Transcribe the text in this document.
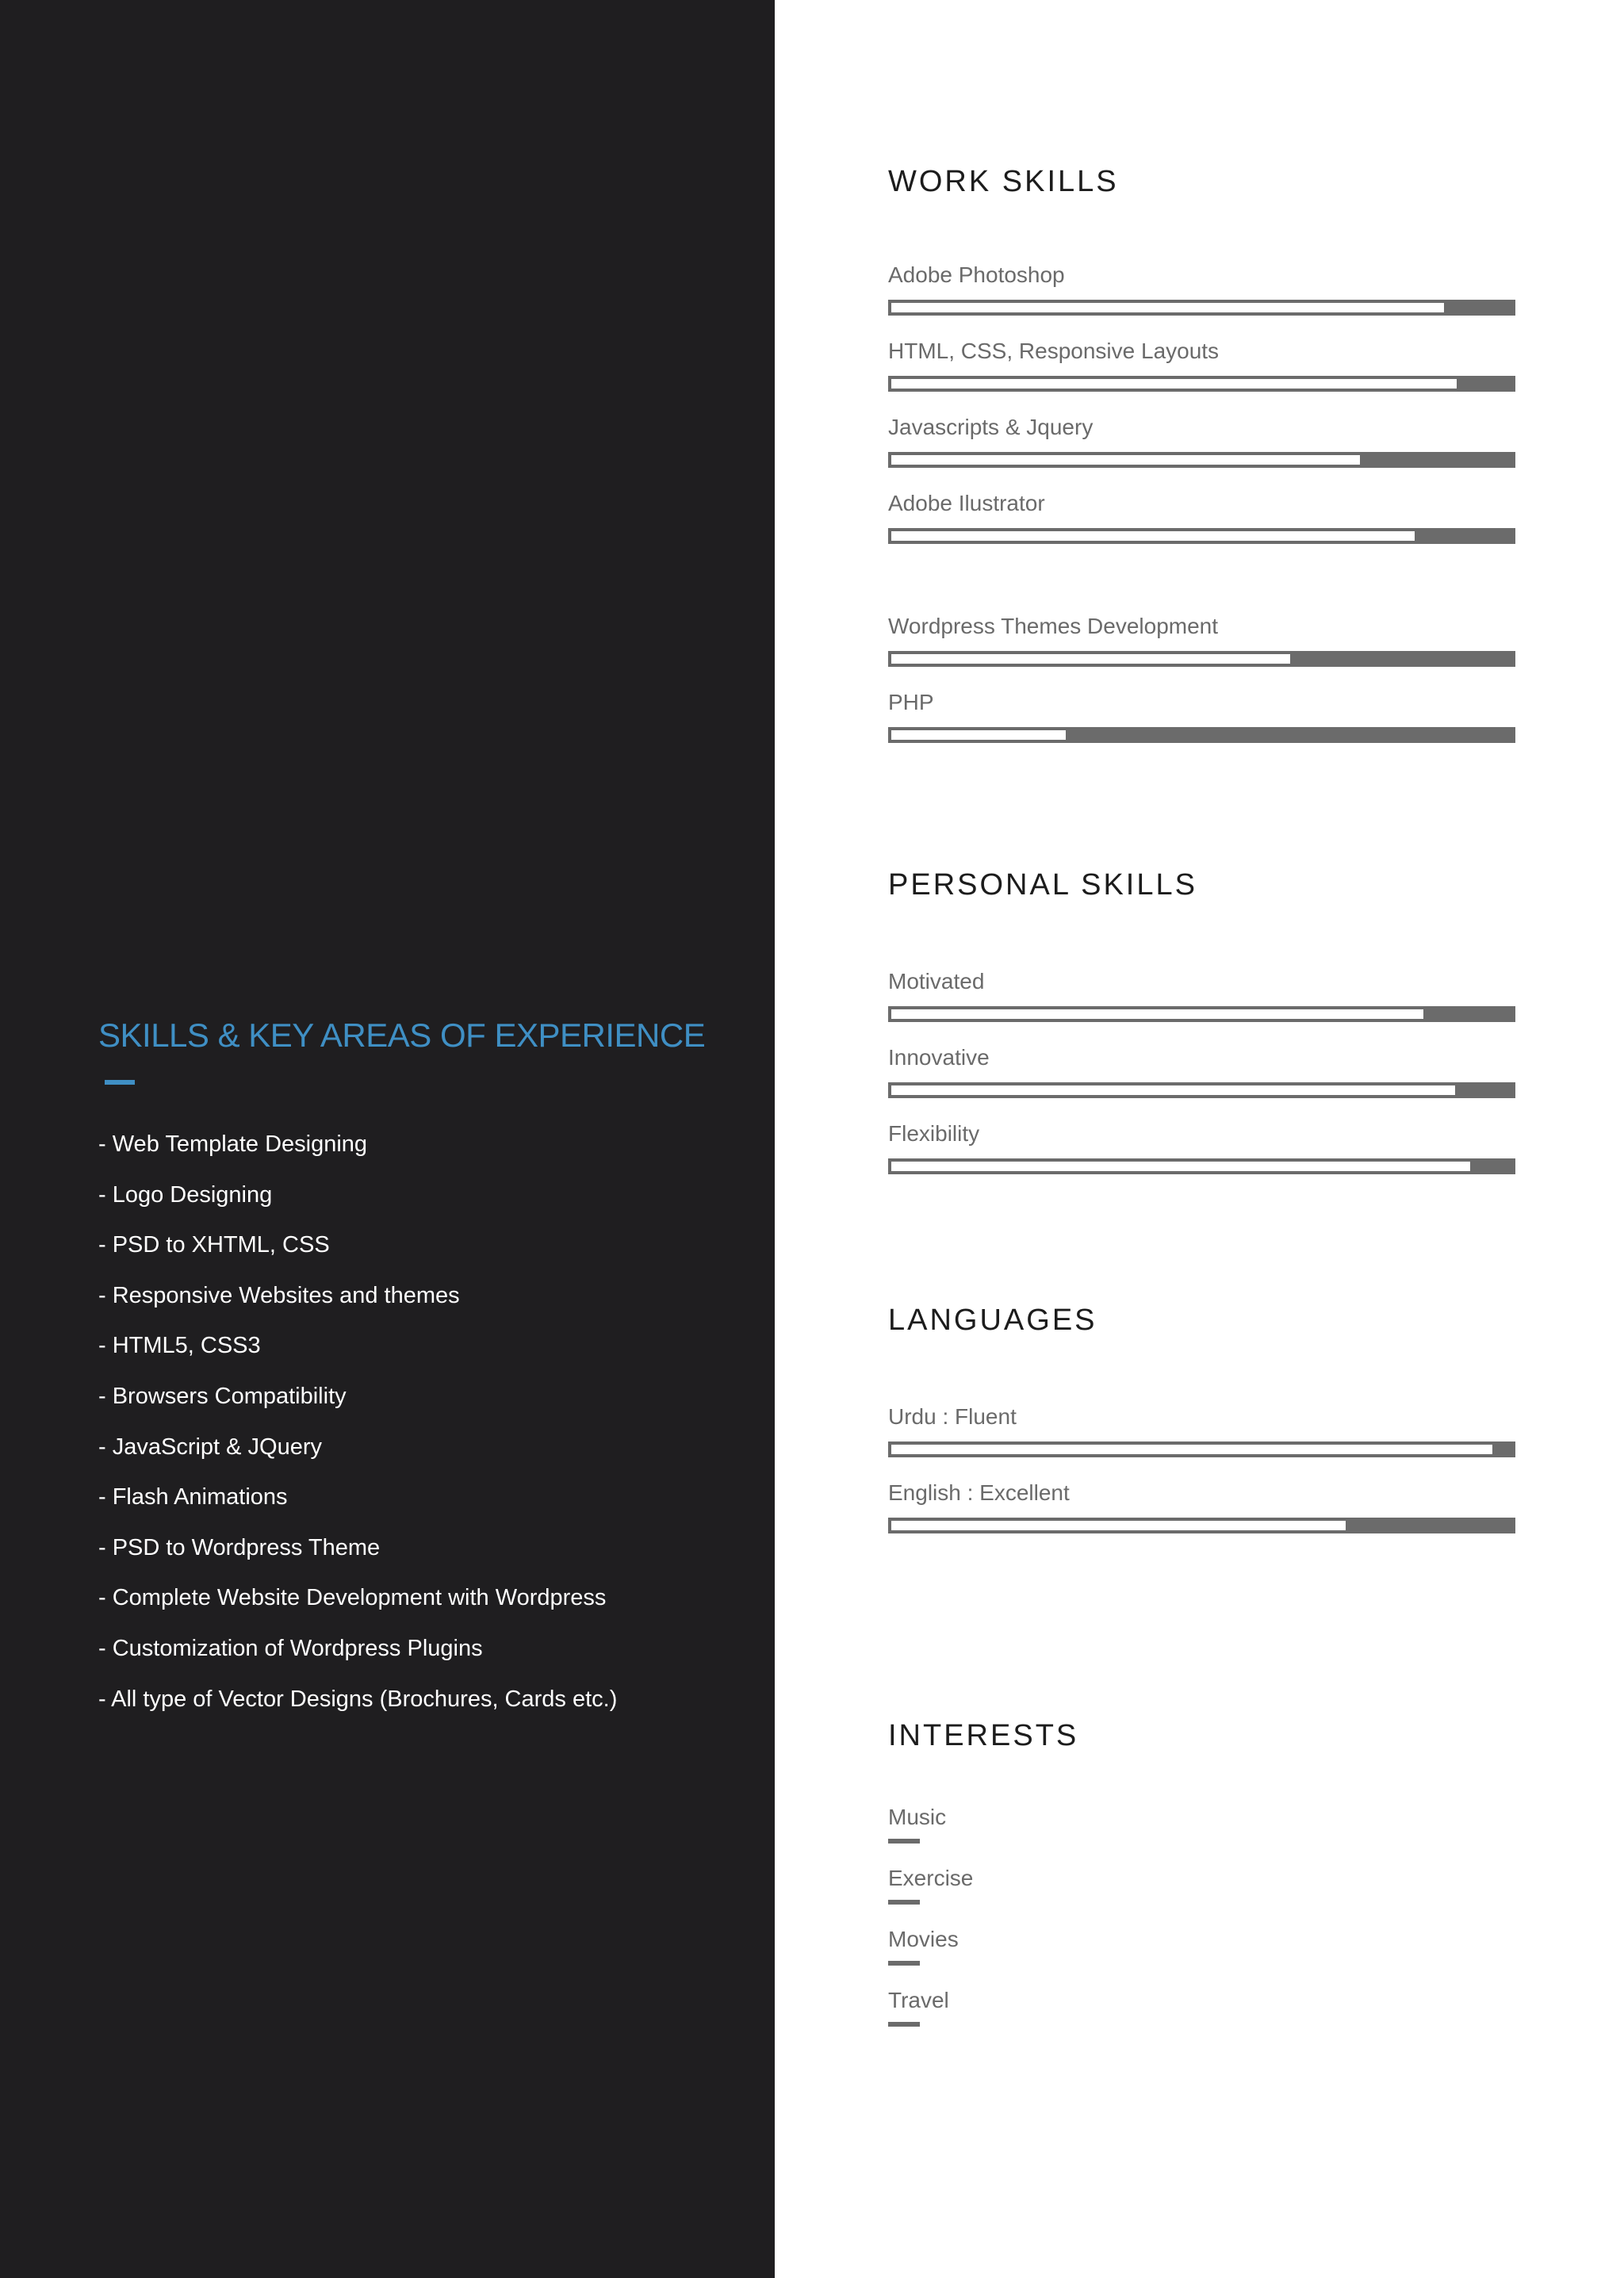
SKILLS & KEY AREAS OF EXPERIENCE
- Web Template Designing
- Logo Designing
- PSD to XHTML, CSS
- Responsive Websites and themes
- HTML5, CSS3
- Browsers Compatibility
- JavaScript & JQuery
- Flash Animations
- PSD to Wordpress Theme
- Complete Website Development with Wordpress
- Customization of Wordpress Plugins
- All type of Vector Designs (Brochures, Cards etc.)
WORK SKILLS
Adobe Photoshop
HTML, CSS, Responsive Layouts
Javascripts & Jquery
Adobe Ilustrator
Wordpress Themes Development
PHP
PERSONAL SKILLS
Motivated
Innovative
Flexibility
LANGUAGES
Urdu : Fluent
English : Excellent
INTERESTS
Music
Exercise
Movies
Travel
